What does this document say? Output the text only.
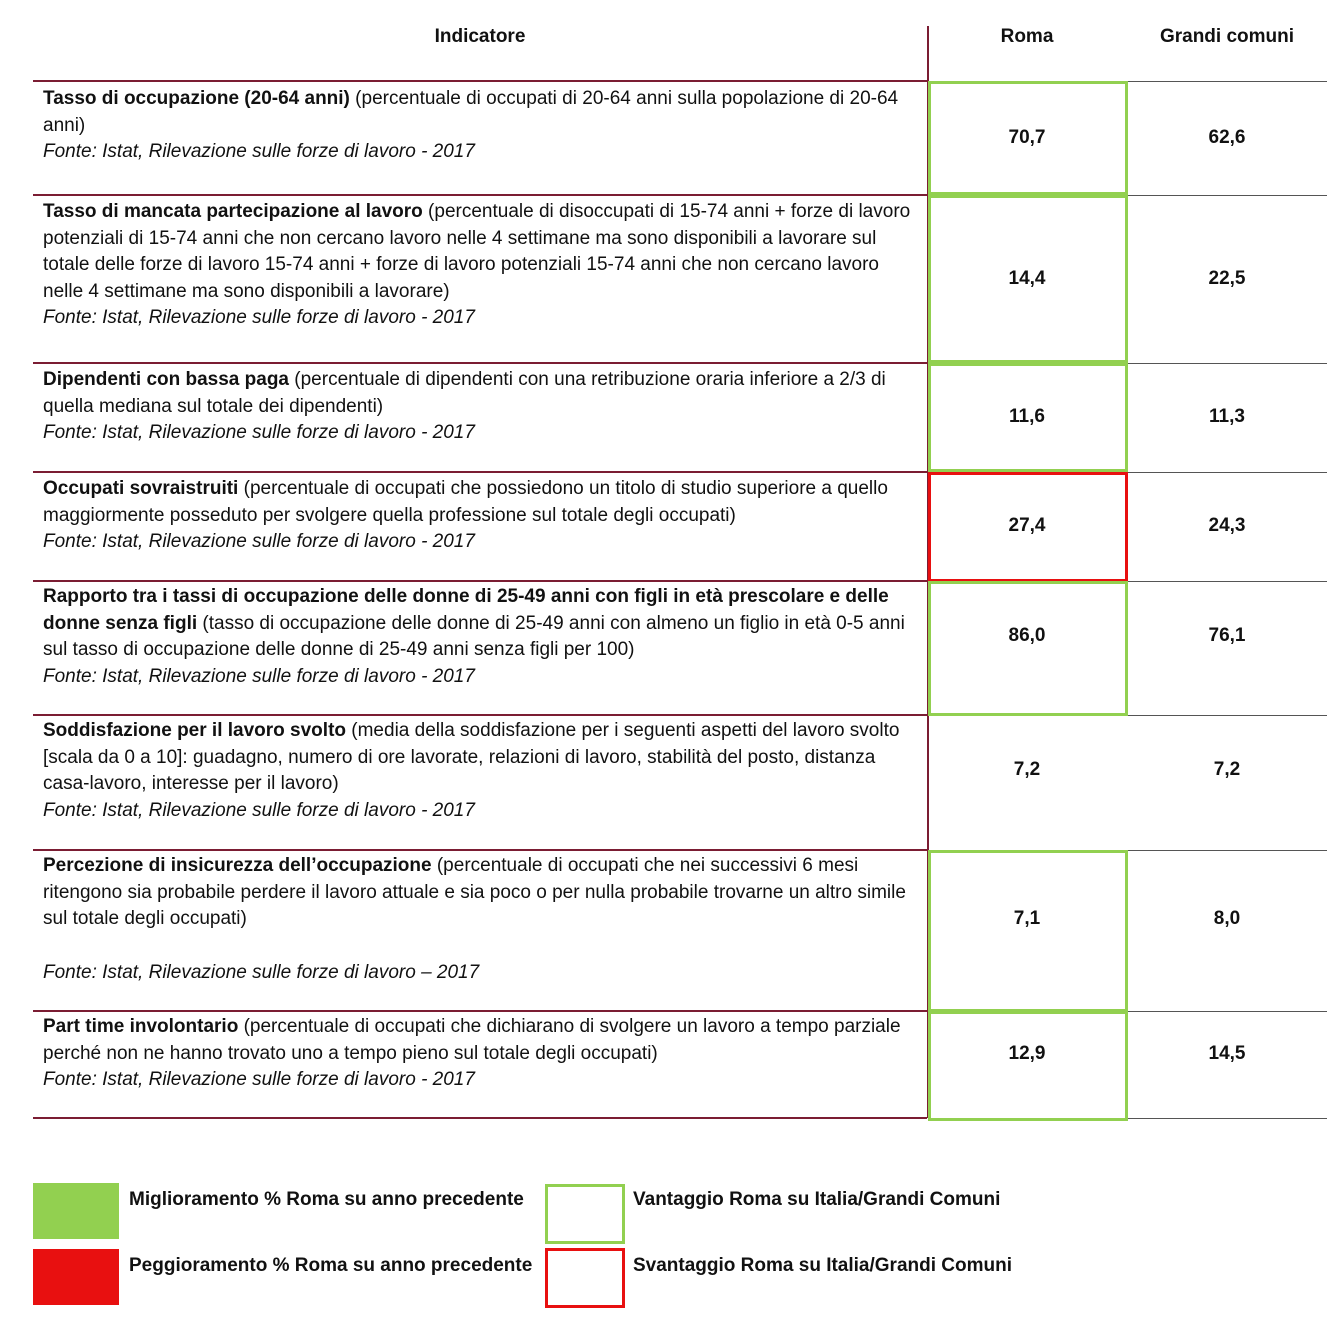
Indicatore	Roma	Grandi comuni
Tasso di occupazione (20-64 anni) (percentuale di occupati di 20-64 anni sulla popolazione di 20-64 anni)
Fonte: Istat, Rilevazione sulle forze di lavoro - 2017
70,7	62,6
Tasso di mancata partecipazione al lavoro (percentuale di disoccupati di 15-74 anni + forze di lavoro potenziali di 15-74 anni che non cercano lavoro nelle 4 settimane ma sono disponibili a lavorare sul totale delle forze di lavoro 15-74 anni + forze di lavoro potenziali 15-74 anni che non cercano lavoro nelle 4 settimane ma sono disponibili a lavorare)
Fonte: Istat, Rilevazione sulle forze di lavoro - 2017
14,4	22,5
Dipendenti con bassa paga (percentuale di dipendenti con una retribuzione oraria inferiore a 2/3 di quella mediana sul totale dei dipendenti)
Fonte: Istat, Rilevazione sulle forze di lavoro - 2017
11,6	11,3
Occupati sovraistruiti (percentuale di occupati che possiedono un titolo di studio superiore a quello maggiormente posseduto per svolgere quella professione sul totale degli occupati)
Fonte: Istat, Rilevazione sulle forze di lavoro - 2017
27,4	24,3
Rapporto tra i tassi di occupazione delle donne di 25-49 anni con figli in età prescolare e delle donne senza figli (tasso di occupazione delle donne di 25-49 anni con almeno un figlio in età 0-5 anni sul tasso di occupazione delle donne di 25-49 anni senza figli per 100)
Fonte: Istat, Rilevazione sulle forze di lavoro - 2017
86,0	76,1
Soddisfazione per il lavoro svolto (media della soddisfazione per i seguenti aspetti del lavoro svolto [scala da 0 a 10]: guadagno, numero di ore lavorate, relazioni di lavoro, stabilità del posto, distanza casa-lavoro, interesse per il lavoro)
Fonte: Istat, Rilevazione sulle forze di lavoro - 2017
7,2	7,2
Percezione di insicurezza dell’occupazione (percentuale di occupati che nei successivi 6 mesi ritengono sia probabile perdere il lavoro attuale e sia poco o per nulla probabile trovarne un altro simile sul totale degli occupati)
Fonte: Istat, Rilevazione sulle forze di lavoro – 2017
7,1	8,0
Part time involontario (percentuale di occupati che dichiarano di svolgere un lavoro a tempo parziale perché non ne hanno trovato uno a tempo pieno sul totale degli occupati)
Fonte: Istat, Rilevazione sulle forze di lavoro - 2017
12,9	14,5
Miglioramento % Roma su anno precedente
Peggioramento % Roma su anno precedente
Vantaggio Roma su Italia/Grandi Comuni
Svantaggio Roma su Italia/Grandi Comuni
